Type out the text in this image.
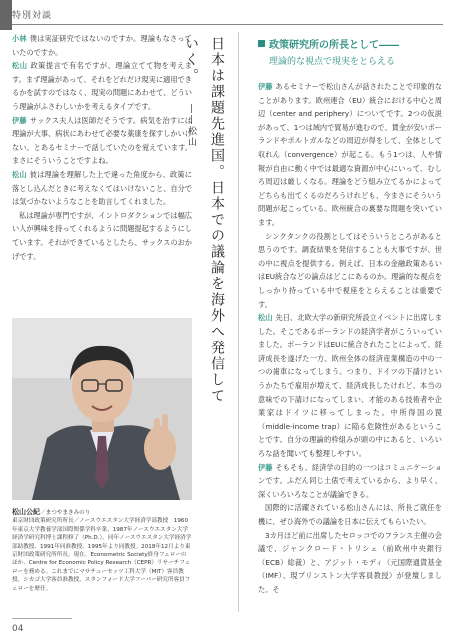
特別対談

小林 僕は実証研究ではないのですか。理論もなさっていたのですか。

松山 政策提言で有名ですが、理論立てて物を考えます。まず理論があって、それをどれだけ現実に適用できるかを試すのではなく、現実の問題にあわせて、どういう理論がふさわしいかを考えるタイプです。

伊藤 サックス夫人は医師だそうです。病気を治すには理論が大事、病状にあわせて必要な薬康を探すしかいけない。とあるセミナーで話していたのを覚えています。まさにそういうことですよね。

松山 彼は理論を理解した上で違った角度から、政策に落とし込んだときに考えなくてはいけないこと、自分では気づかないようなことを助言してくれました。

私は理論が専門ですが、イントロダクションでは幅広い人が興味を持ってくれるように問題提起するようにしています。それができているとしたら、サックスのおかげです。

松山公紀／まつやまきみのり
東京財団政策研究所所長／ノースウエスタン大学経済学部教授　1960年東京大学教養学部国際関係学科卒業、1987年ノースウエスタン大学経済学研究科博士課程修了（Ph.D.）。同年ノースウエスタン大学経済学部助教授、1991年同准教授、1995年より同教授。2018年12月より東京財団政策研究所所長。現在、Econometric Society終身フェローのほか、Centre for Economic Policy Research（CEPR）リサーチフェローを務める。これまでにマサチューセッツ工科大学（MIT）客員教授、シカゴ大学客員准教授、スタンフォード大学フーバー研究所客員フェローを歴任。
日本は課題先進国。日本での議論を海外へ発信していく。 ――松山
政策研究所の所長として――
理論的な視点で現実をとらえる

伊藤 あるセミナーで松山さんが話されたことで印象的なことがあります。欧州連合（EU）統合における中心と周辺（center and periphery）についてです。2つの仮説があって、1つは域内で貿易が進むので、賃金が安いポーランドやポルトガルなどの周辺が得をして、全体として収れん（convergence）が起こる。もう1つは、人や情報が自由に動く中では最適な資源が中心にいって、むしろ周辺は厳しくなる。理論をどう組み立てるかによってどちらも出てくるのだろうけれども、今まさにそういう問題が起こっている。欧州統合の裏要な問題を突いています。

シンクタンクの役割としてはそういうところがあると思うのです。調査結果を発信することも大事ですが、世の中に視点を提供する。例えば、日本の金融政策あるいはEU統合などの論点はどこにあるのか。理論的な視点をしっかり持っている中で視座をとらえることは重要です。

松山 先日、北欧大学の新研究所設立イベントに出席しました。そこであるポーランドの経済学者がこういっていました。ポーランドはEUに統合されたことによって、経済成長を遂げた一方、欧州全体の経済産業構造の中の一つの歯車になってしまう。つまり、ドイツの下請けというかたちで雇用が増えて、経済成長したけれど、本当の意味での下請けになってしまい、才能のある技術者や企業家はドイツに移ってしまった。中所得国の罠（middle-income trap）に陥る危険性があるということです。自分の理論的枠組みが頭の中にあると、いろいろな話を聞いても整理しやすい。

伊藤 そもそも、経済学の目的の一つはコミュニケーションです。ふだん同じ土俵で考えているから、より早く、深くいろいろなことが議論できる。

国際的に活躍されている松山さんには、所長ご就任を機に、ぜひ海外での議論を日本に伝えてもらいたい。

3カ月ほど前に出席したセロッコでのフランス主催の会議で、ジャンクロード・トリシェ（前欧州中央銀行（ECB）総裁）と、アジット・モディ（元国際通貨基金（IMF）、現プリンストン大学客員教授）が登壇しました。そ

04
